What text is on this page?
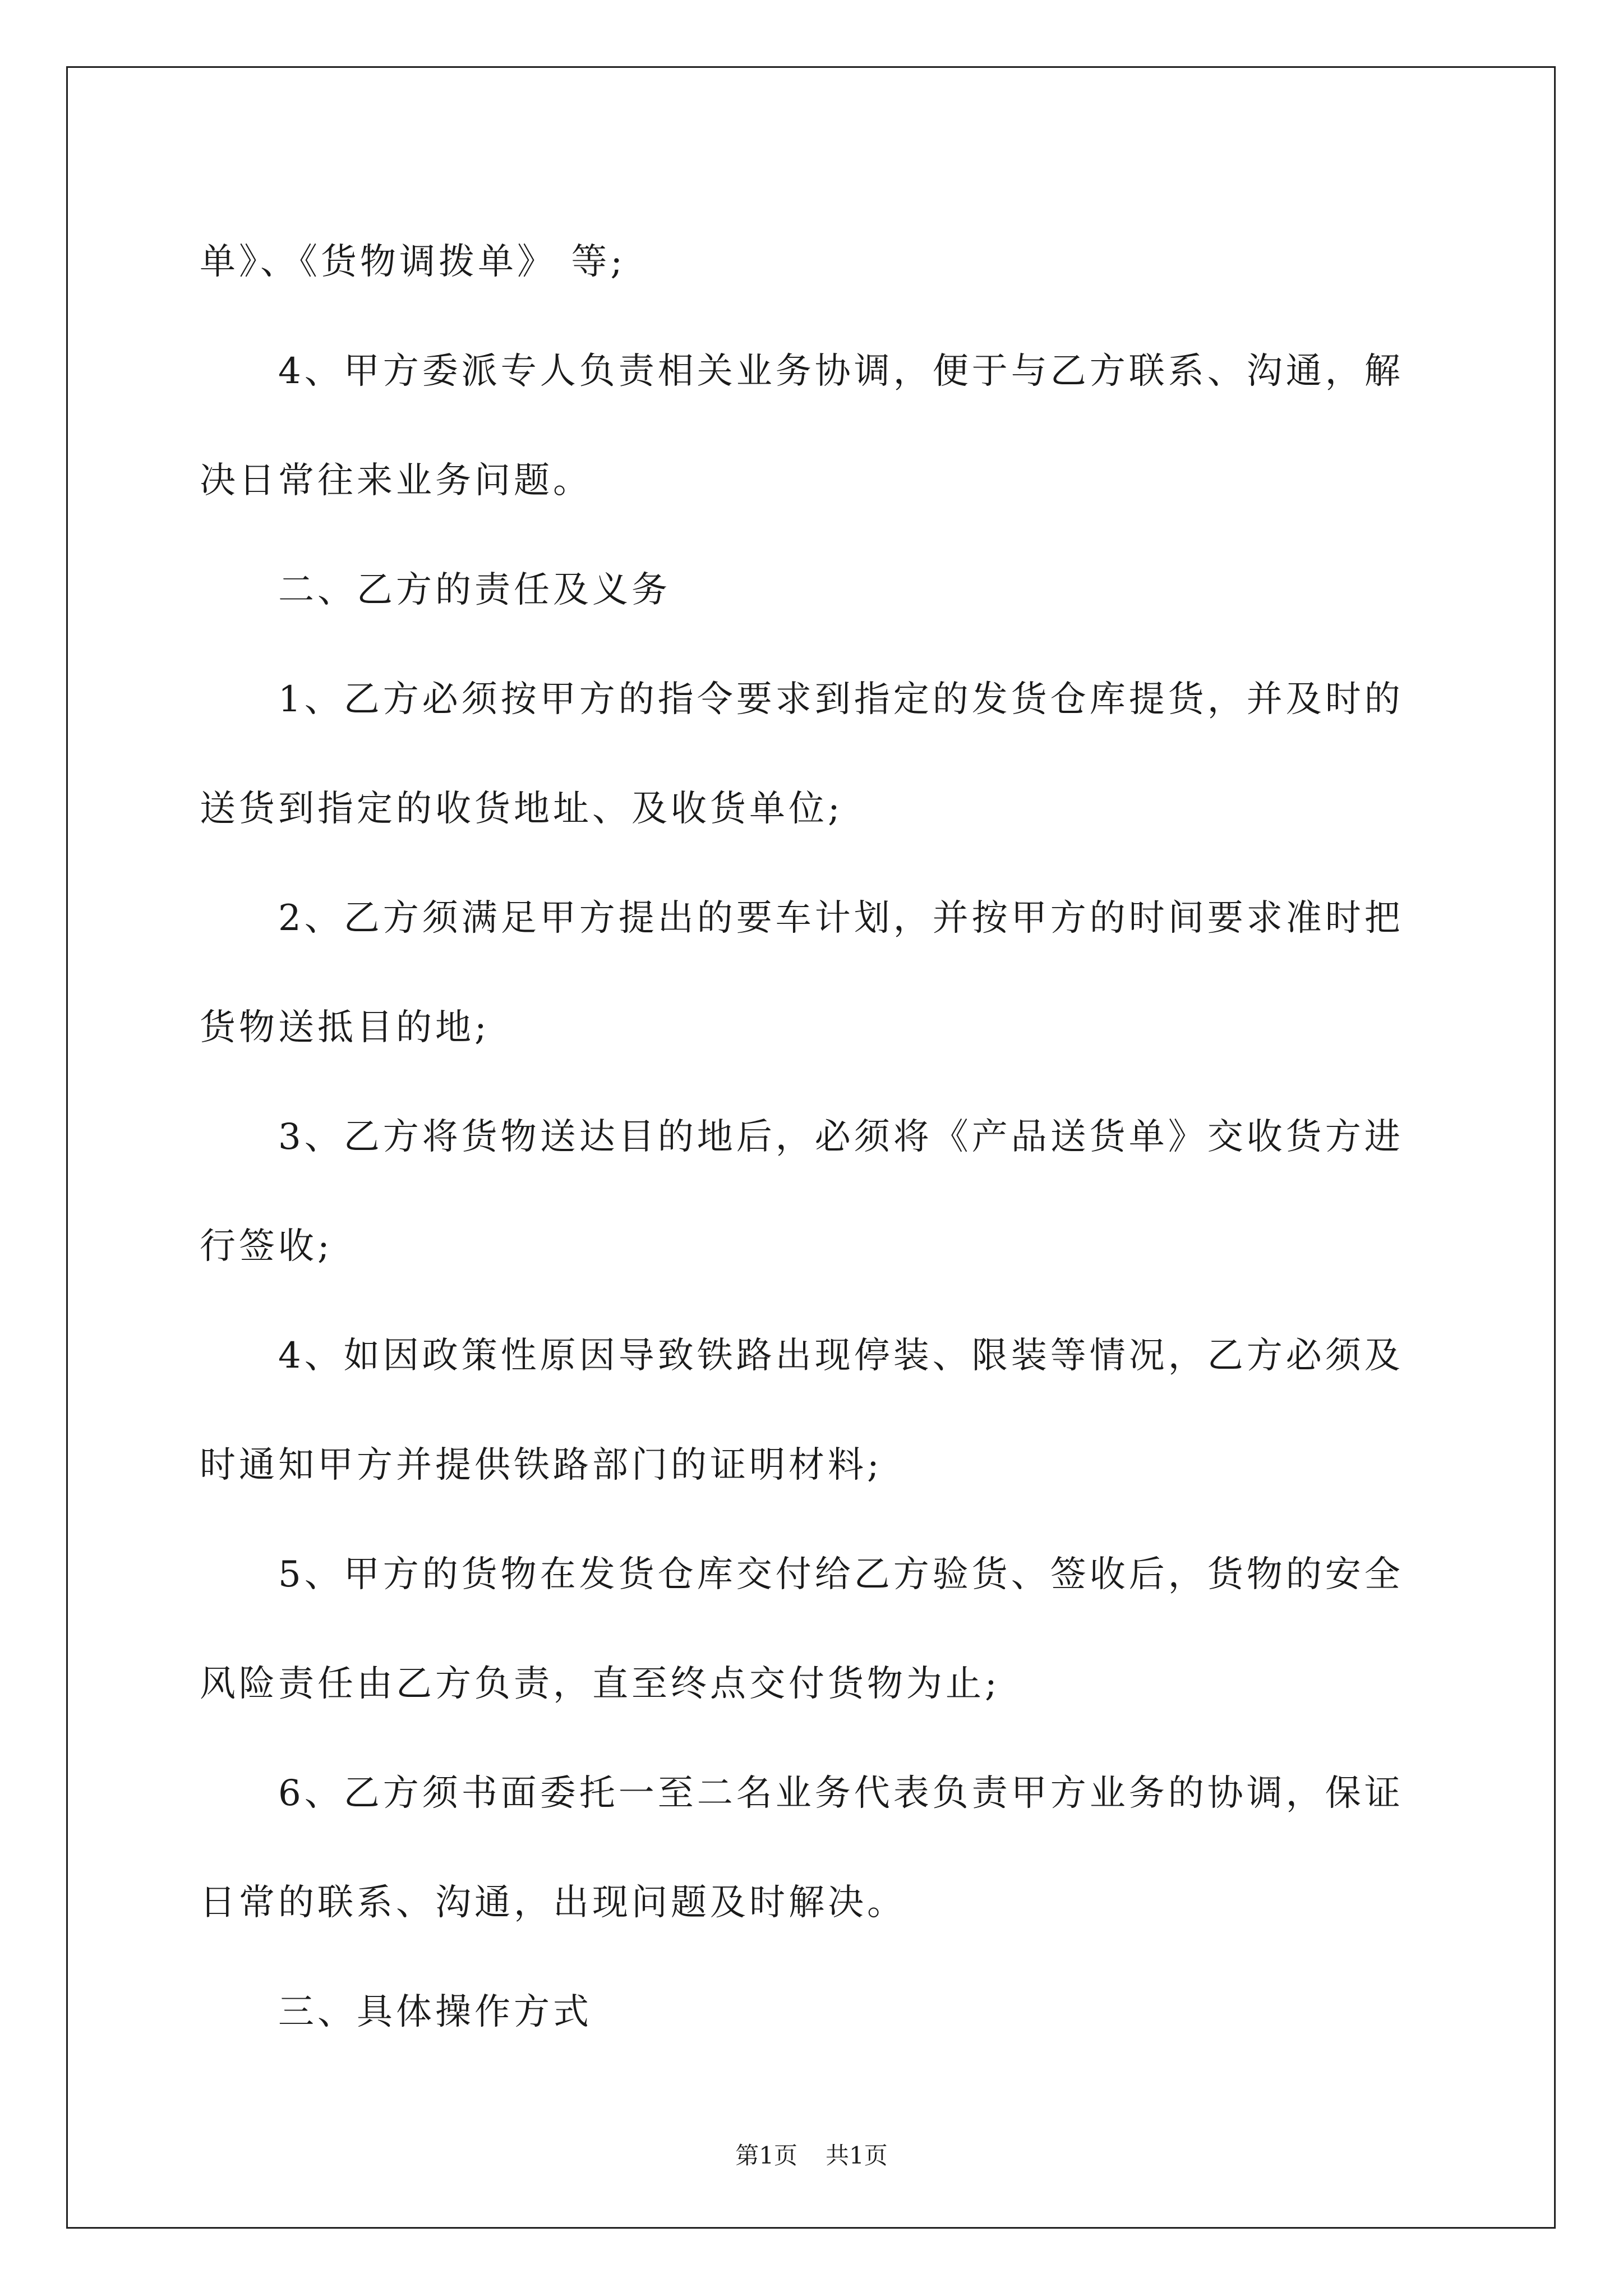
单》、《货物调拨单》 等;

4、甲方委派专人负责相关业务协调，便于与乙方联系、沟通，解

决日常往来业务问题。

二、乙方的责任及义务

1、乙方必须按甲方的指令要求到指定的发货仓库提货，并及时的

送货到指定的收货地址、及收货单位;

2、乙方须满足甲方提出的要车计划，并按甲方的时间要求准时把

货物送抵目的地;

3、乙方将货物送达目的地后，必须将《产品送货单》交收货方进

行签收;

4、如因政策性原因导致铁路出现停装、限装等情况，乙方必须及

时通知甲方并提供铁路部门的证明材料;

5、甲方的货物在发货仓库交付给乙方验货、签收后，货物的安全

风险责任由乙方负责，直至终点交付货物为止;

6、乙方须书面委托一至二名业务代表负责甲方业务的协调，保证

日常的联系、沟通，出现问题及时解决。

三、具体操作方式

第1页 共1页
